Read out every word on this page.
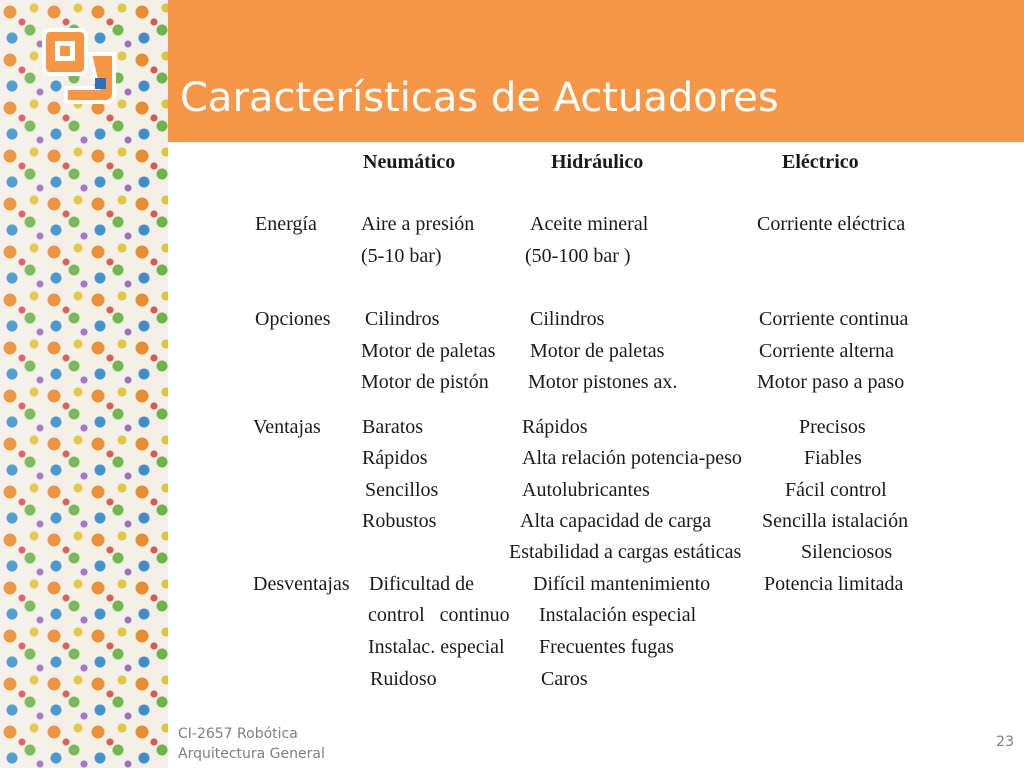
Características de Actuadores
Neumático	Hidráulico	Eléctrico
Energía Aire a presión
(5-10 bar)
Aceite mineral
(50-100 bar )
Corriente eléctrica
Opciones Cilindros
Motor de paletas
Motor de pistón
Cilindros
Motor de paletas
Motor pistones ax.
Corriente continua
Corriente alterna
Motor paso a paso
Ventajas Baratos
Rápidos
Sencillos
Robustos
Rápidos
Alta relación potencia-peso
Autolubricantes
Alta capacidad de carga
Estabilidad a cargas estáticas
Precisos
Fiables
Fácil control
Sencilla istalación
Silenciosos
Desventajas Dificultad de
control   continuo
Instalac. especial
Ruidoso
Difícil mantenimiento
Instalación especial
Frecuentes fugas
Caros
Potencia limitada
CI-2657 Robótica
Arquitectura General
23
